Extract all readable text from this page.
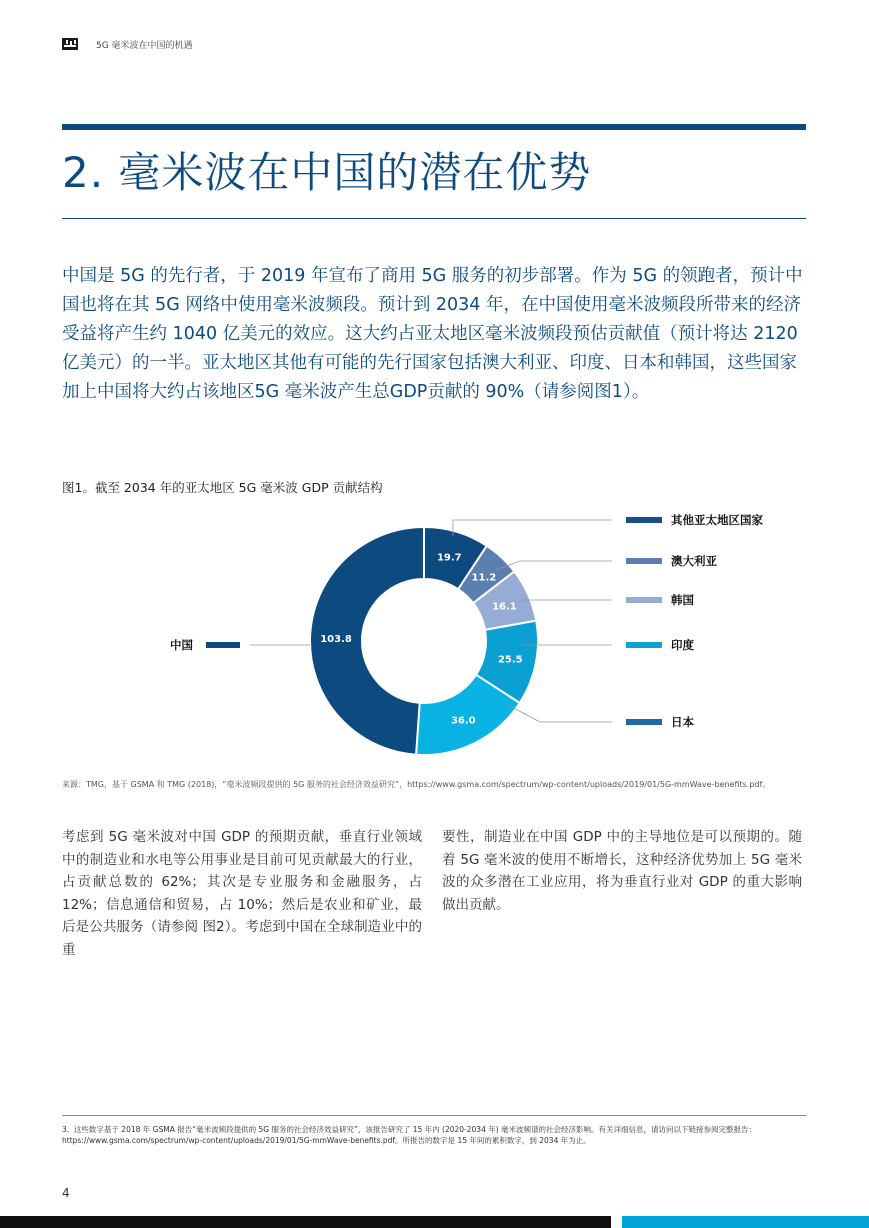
5G 毫米波在中国的机遇
2. 毫米波在中国的潜在优势

中国是 5G 的先行者，于 2019 年宣布了商用 5G 服务的初步部署。作为 5G 的领跑者，预计中国也将在其 5G 网络中使用毫米波频段。预计到 2034 年，在中国使用毫米波频段所带来的经济受益将产生约 1040 亿美元的效应。这大约占亚太地区毫米波频段预估贡献值（预计将达 2120 亿美元）的一半。亚太地区其他有可能的先行国家包括澳大利亚、印度、日本和韩国，这些国家加上中国将大约占该地区5G 毫米波产生总GDP贡献的 90%（请参阅图1）。

图1。截至 2034 年的亚太地区 5G 毫米波 GDP 贡献结构

19.7
11.2
16.1
25.5
36.0
103.8
其他亚太地区国家
澳大利亚
韩国
印度
日本
中国

来源：TMG，基于 GSMA 和 TMG (2018)，“毫米波频段提供的 5G 服务的社会经济效益研究”，https://www.gsma.com/spectrum/wp-content/uploads/2019/01/5G-mmWave-benefits.pdf。

考虑到 5G 毫米波对中国 GDP 的预期贡献，垂直行业领域中的制造业和水电等公用事业是目前可见贡献最大的行业，占贡献总数的 62%；其次是专业服务和金融服务，占 12%；信息通信和贸易，占 10%；然后是农业和矿业，最后是公共服务（请参阅 图2）。考虑到中国在全球制造业中的重

要性，制造业在中国 GDP 中的主导地位是可以预期的。随着 5G 毫米波的使用不断增长，这种经济优势加上 5G 毫米波的众多潜在工业应用，将为垂直行业对 GDP 的重大影响做出贡献。

3.  这些数字基于 2018 年 GSMA 报告“毫米波频段提供的 5G 服务的社会经济效益研究”，该报告研究了 15 年内 (2020-2034 年) 毫米波频谱的社会经济影响。有关详细信息，请访问以下链接参阅完整报告：https://www.gsma.com/spectrum/wp-content/uploads/2019/01/5G-mmWave-benefits.pdf。所报告的数字是 15 年间的累积数字，到 2034 年为止。

4
